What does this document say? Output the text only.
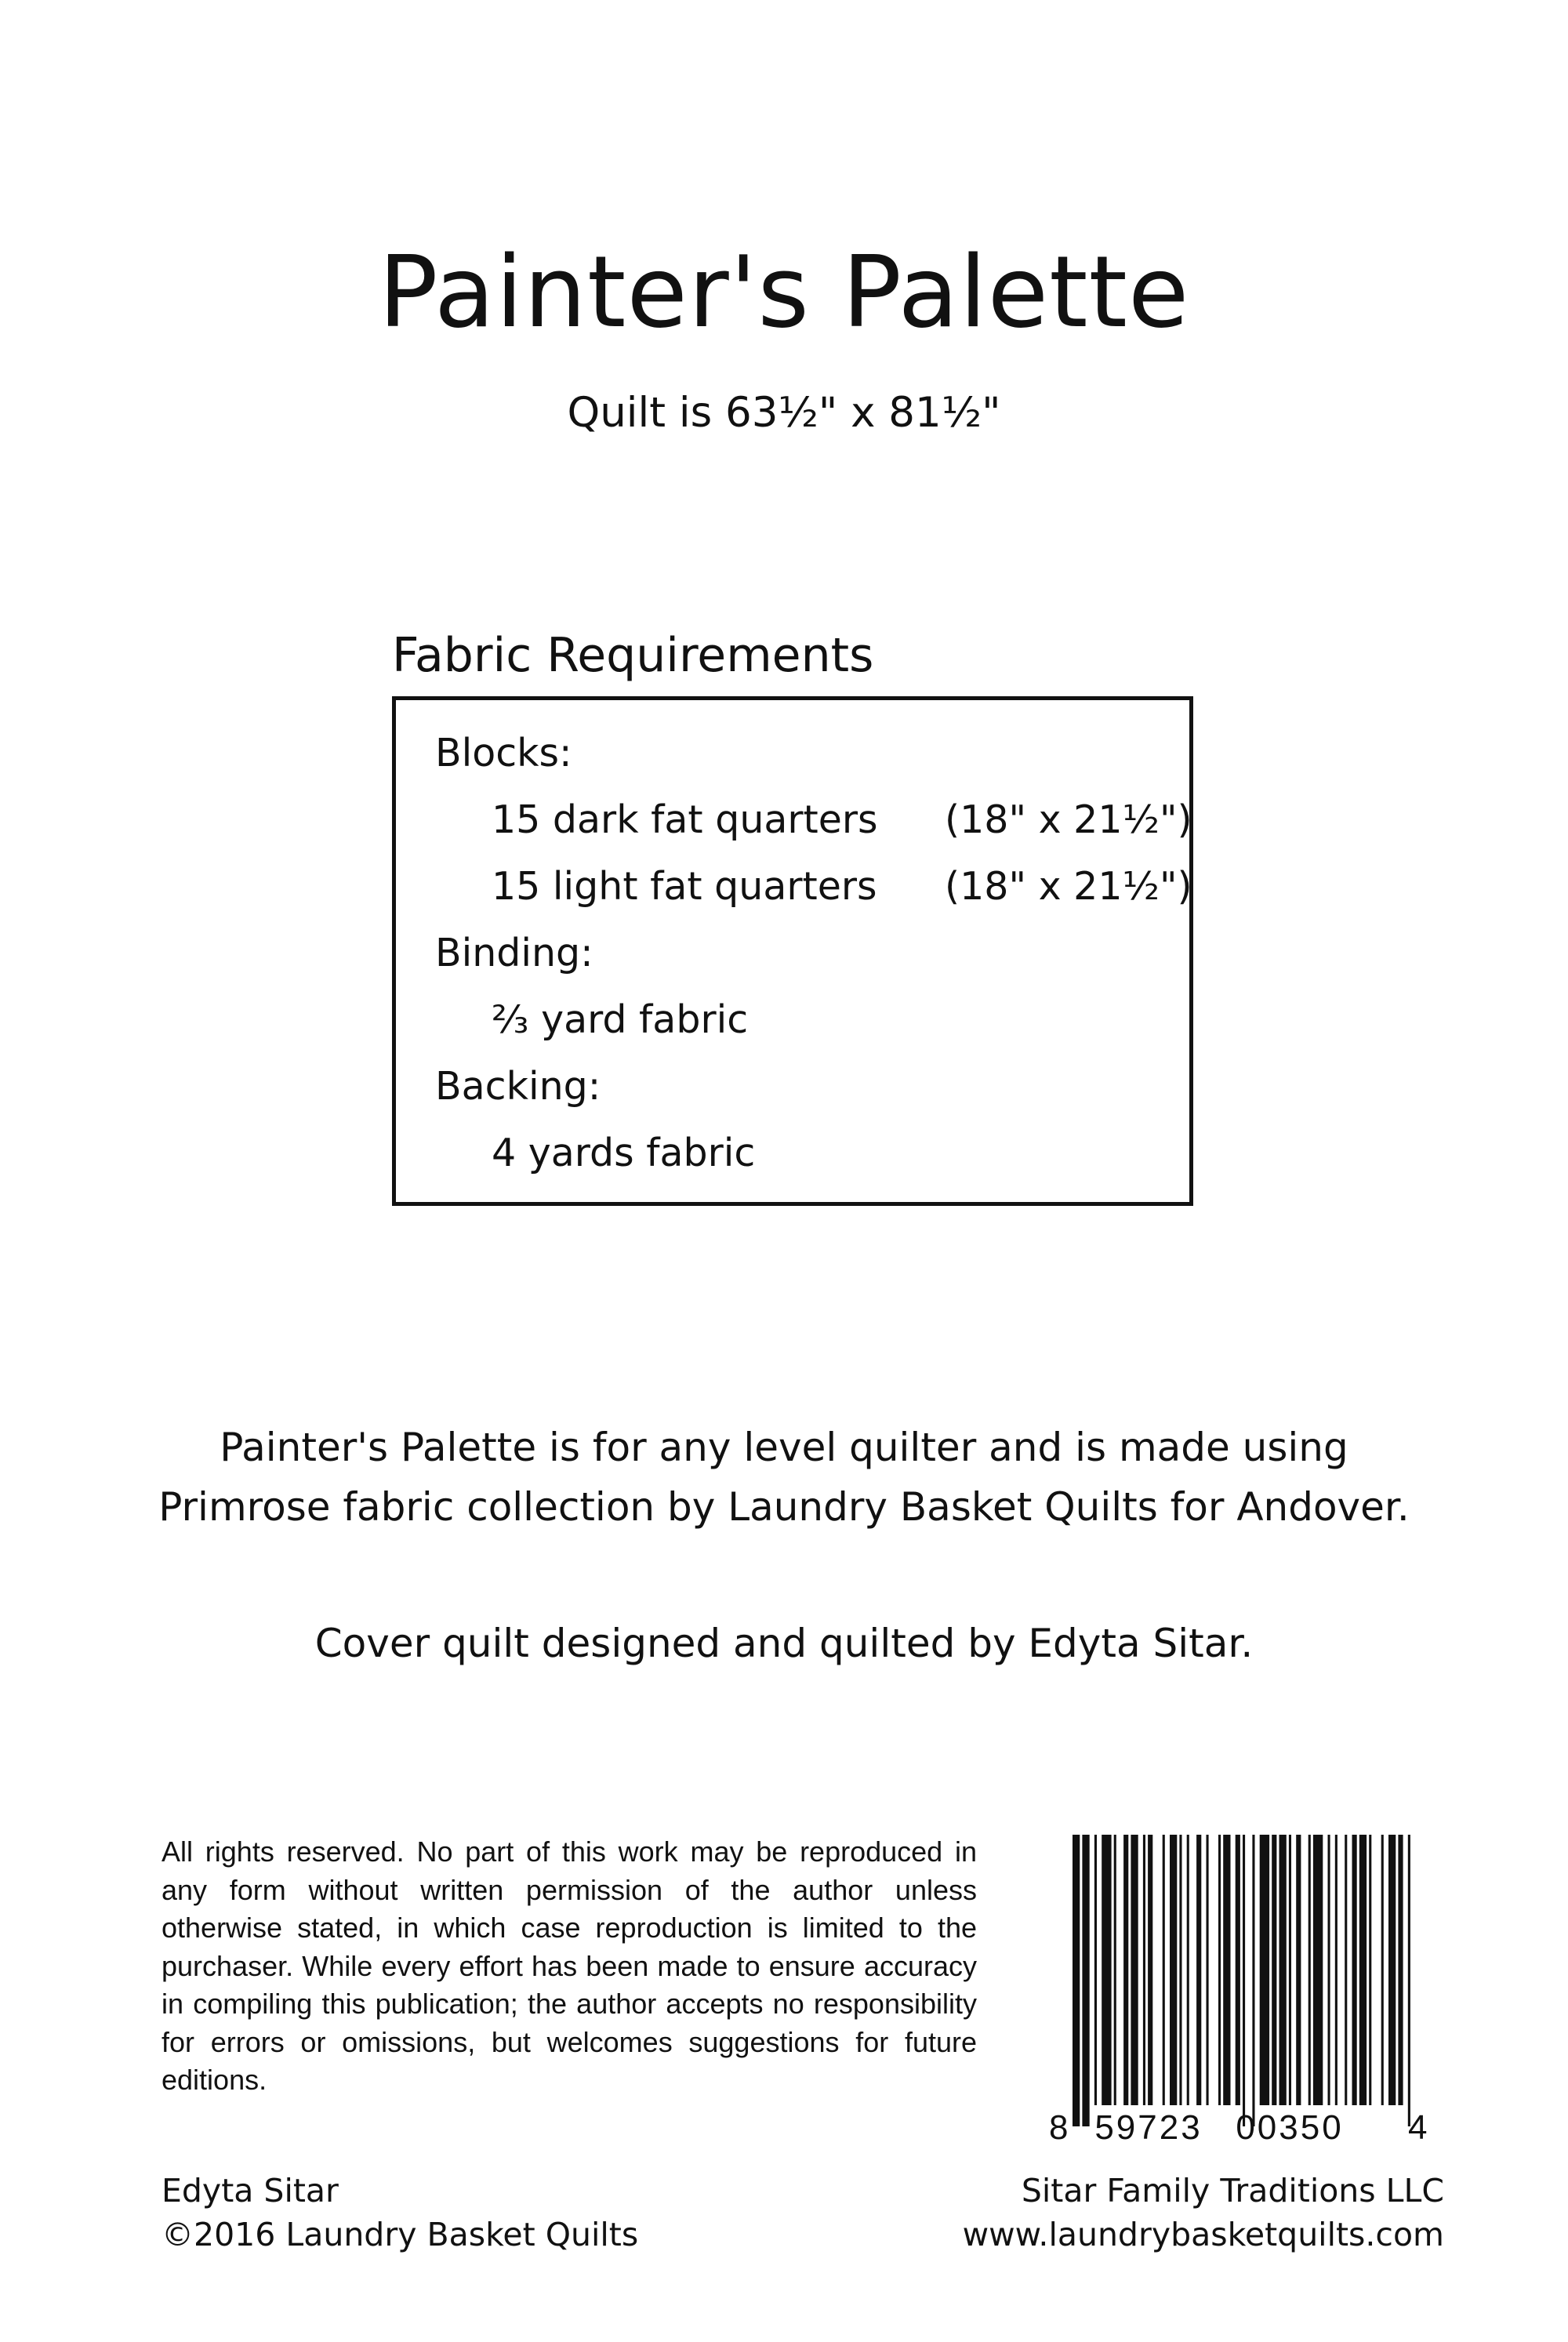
Painter's Palette
Quilt is 63½" x 81½"
Fabric Requirements
Blocks:
15 dark fat quarters (18" x 21½")
15 light fat quarters (18" x 21½")
Binding:
⅔ yard fabric
Backing:
4 yards fabric
Painter's Palette is for any level quilter and is made using
Primrose fabric collection by Laundry Basket Quilts for Andover.
Cover quilt designed and quilted by Edyta Sitar.
All rights reserved. No part of this work may be reproduced in any form without written permission of the author unless otherwise stated, in which case reproduction is limited to the purchaser. While every effort has been made to ensure accuracy in compiling this publication; the author accepts no responsibility for errors or omissions, but welcomes suggestions for future editions.
8 59723 00350 4
Edyta Sitar
©2016 Laundry Basket Quilts
Sitar Family Traditions LLC
www.laundrybasketquilts.com
